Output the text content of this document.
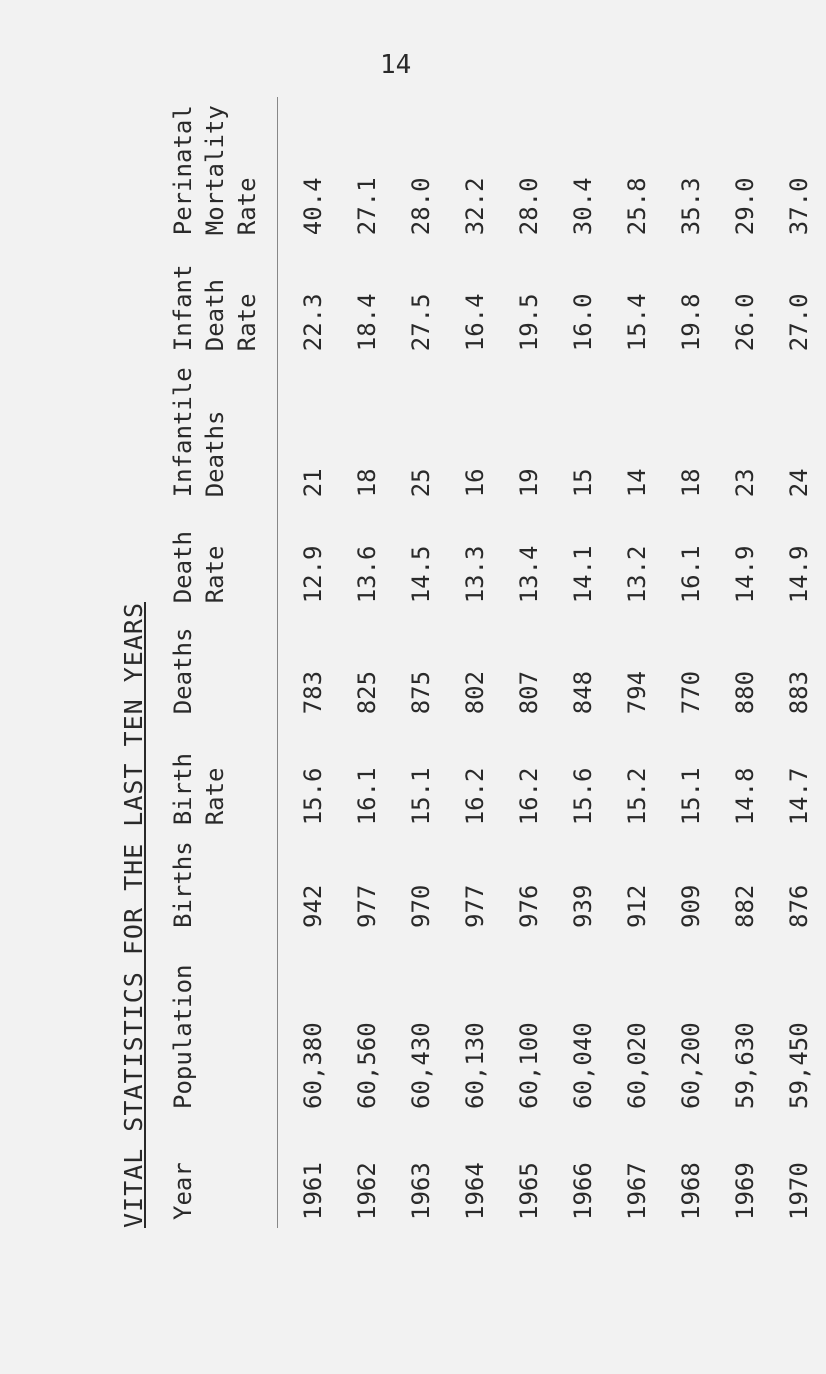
14
VITAL STATISTICS FOR THE LAST TEN YEARS Year	Population	Births	Birth Rate	Deaths	Death Rate	Infantile Deaths	Infant Death Rate	Perinatal Mortality Rate
1961	60,380	942	15.6	783	12.9	21	22.3	40.4
1962	60,560	977	16.1	825	13.6	18	18.4	27.1
1963	60,430	970	15.1	875	14.5	25	27.5	28.0
1964	60,130	977	16.2	802	13.3	16	16.4	32.2
1965	60,100	976	16.2	807	13.4	19	19.5	28.0
1966	60,040	939	15.6	848	14.1	15	16.0	30.4
1967	60,020	912	15.2	794	13.2	14	15.4	25.8
1968	60,200	909	15.1	770	16.1	18	19.8	35.3
1969	59,630	882	14.8	880	14.9	23	26.0	29.0
1970	59,450	876	14.7	883	14.9	24	27.0	37.0
